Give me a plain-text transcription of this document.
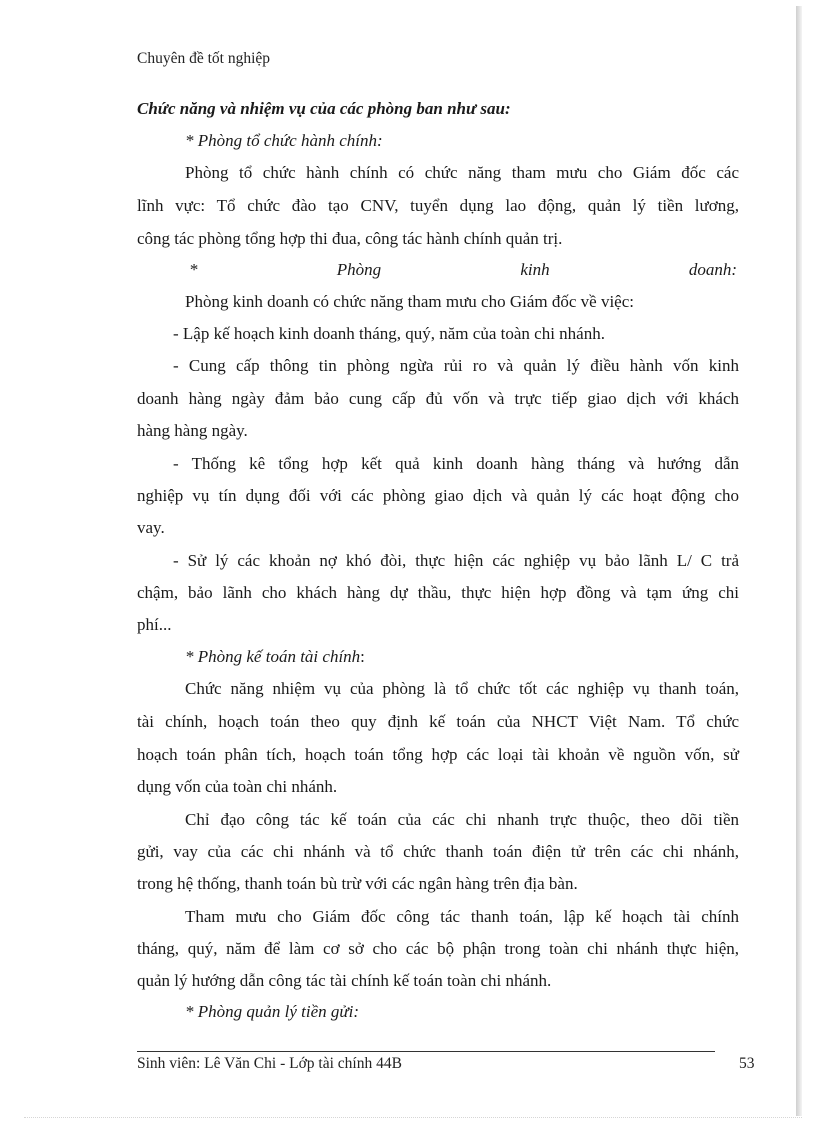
Chuyên đề tốt nghiệp
Chức năng và nhiệm vụ của các phòng ban như sau:
* Phòng tổ chức hành chính:
Phòng tổ chức hành chính có chức năng tham mưu cho Giám đốc các
lĩnh vực: Tổ chức đào tạo CNV, tuyển dụng lao động, quản lý tiền lương,
công tác phòng tổng hợp thi đua, công tác hành chính quản trị.
*	Phòng	kinh	doanh:
Phòng kinh doanh có chức năng tham mưu cho Giám đốc về việc:
- Lập kế hoạch kinh doanh tháng, quý, năm của toàn chi nhánh.
- Cung cấp thông tin phòng ngừa rủi ro và quản lý điều hành vốn kinh
doanh hàng ngày đảm bảo cung cấp đủ vốn và trực tiếp giao dịch với khách
hàng hàng ngày.
- Thống kê tổng hợp kết quả kinh doanh hàng tháng và hướng dẫn
nghiệp vụ tín dụng đối với các phòng giao dịch và quản lý các hoạt động cho
vay.
- Sử lý các khoản nợ khó đòi, thực hiện các nghiệp vụ bảo lãnh L/ C trả
chậm, bảo lãnh cho khách hàng dự thầu, thực hiện hợp đồng và tạm ứng chi
phí...
* Phòng kế toán tài chính:
Chức năng nhiệm vụ của phòng là tổ chức tốt các nghiệp vụ thanh toán,
tài chính, hoạch toán theo quy định kế toán của NHCT Việt Nam. Tổ chức
hoạch toán phân tích, hoạch toán tổng hợp các loại tài khoản về nguồn vốn, sử
dụng vốn của toàn chi nhánh.
Chỉ đạo công tác kế toán của các chi nhanh trực thuộc, theo dõi tiền
gửi, vay của các chi nhánh và tổ chức thanh toán điện tử trên các chi nhánh,
trong hệ thống, thanh toán bù trừ với các ngân hàng trên địa bàn.
Tham mưu cho Giám đốc công tác thanh toán, lập kế hoạch tài chính
tháng, quý, năm để làm cơ sở cho các bộ phận trong toàn chi nhánh thực hiện,
quản lý hướng dẫn công tác tài chính kế toán toàn chi nhánh.
* Phòng quản lý tiền gửi:
Sinh viên: Lê Văn Chi - Lớp tài chính 44B	53
